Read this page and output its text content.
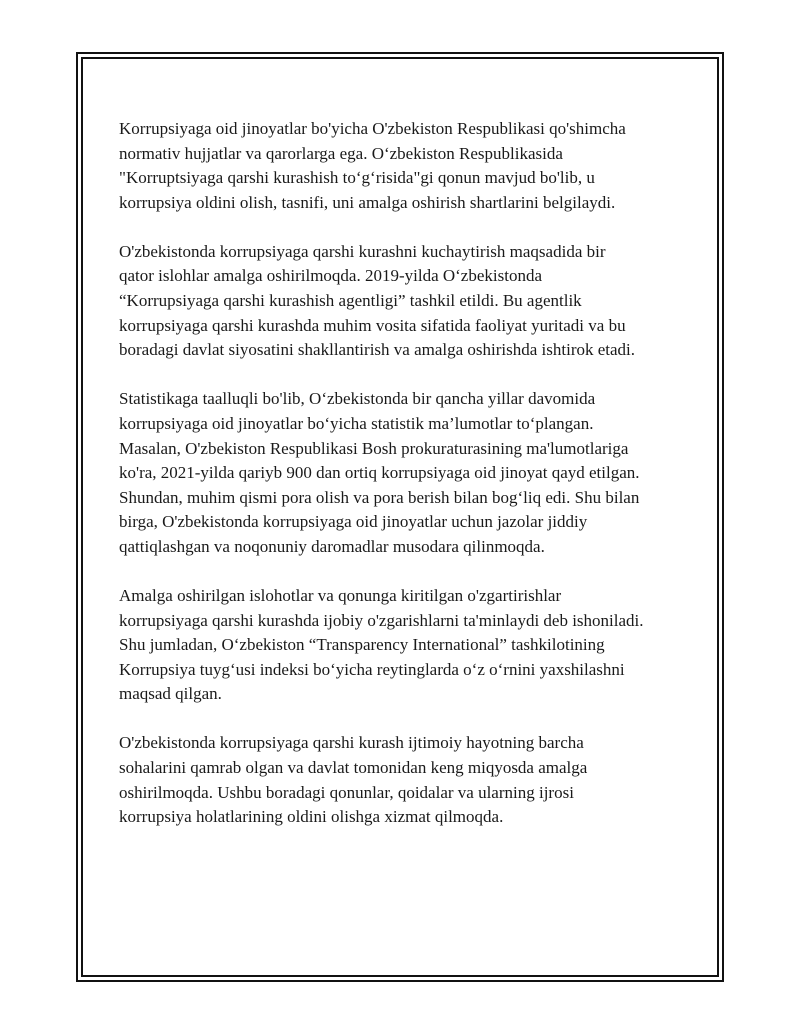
Korrupsiyaga oid jinoyatlar bo'yicha O'zbekiston Respublikasi qo'shimcha
normativ hujjatlar va qarorlarga ega. O‘zbekiston Respublikasida
"Korruptsiyaga qarshi kurashish to‘g‘risida"gi qonun mavjud bo'lib, u
korrupsiya oldini olish, tasnifi, uni amalga oshirish shartlarini belgilaydi.

O'zbekistonda korrupsiyaga qarshi kurashni kuchaytirish maqsadida bir
qator islohlar amalga oshirilmoqda. 2019-yilda O‘zbekistonda
“Korrupsiyaga qarshi kurashish agentligi” tashkil etildi. Bu agentlik
korrupsiyaga qarshi kurashda muhim vosita sifatida faoliyat yuritadi va bu
boradagi davlat siyosatini shakllantirish va amalga oshirishda ishtirok etadi.

Statistikaga taalluqli bo'lib, O‘zbekistonda bir qancha yillar davomida
korrupsiyaga oid jinoyatlar bo‘yicha statistik ma’lumotlar to‘plangan.
Masalan, O'zbekiston Respublikasi Bosh prokuraturasining ma'lumotlariga
ko'ra, 2021-yilda qariyb 900 dan ortiq korrupsiyaga oid jinoyat qayd etilgan.
Shundan, muhim qismi pora olish va pora berish bilan bog‘liq edi. Shu bilan
birga, O'zbekistonda korrupsiyaga oid jinoyatlar uchun jazolar jiddiy
qattiqlashgan va noqonuniy daromadlar musodara qilinmoqda.

Amalga oshirilgan islohotlar va qonunga kiritilgan o'zgartirishlar
korrupsiyaga qarshi kurashda ijobiy o'zgarishlarni ta'minlaydi deb ishoniladi.
Shu jumladan, O‘zbekiston “Transparency International” tashkilotining
Korrupsiya tuyg‘usi indeksi bo‘yicha reytinglarda o‘z o‘rnini yaxshilashni
maqsad qilgan.

O'zbekistonda korrupsiyaga qarshi kurash ijtimoiy hayotning barcha
sohalarini qamrab olgan va davlat tomonidan keng miqyosda amalga
oshirilmoqda. Ushbu boradagi qonunlar, qoidalar va ularning ijrosi
korrupsiya holatlarining oldini olishga xizmat qilmoqda.
